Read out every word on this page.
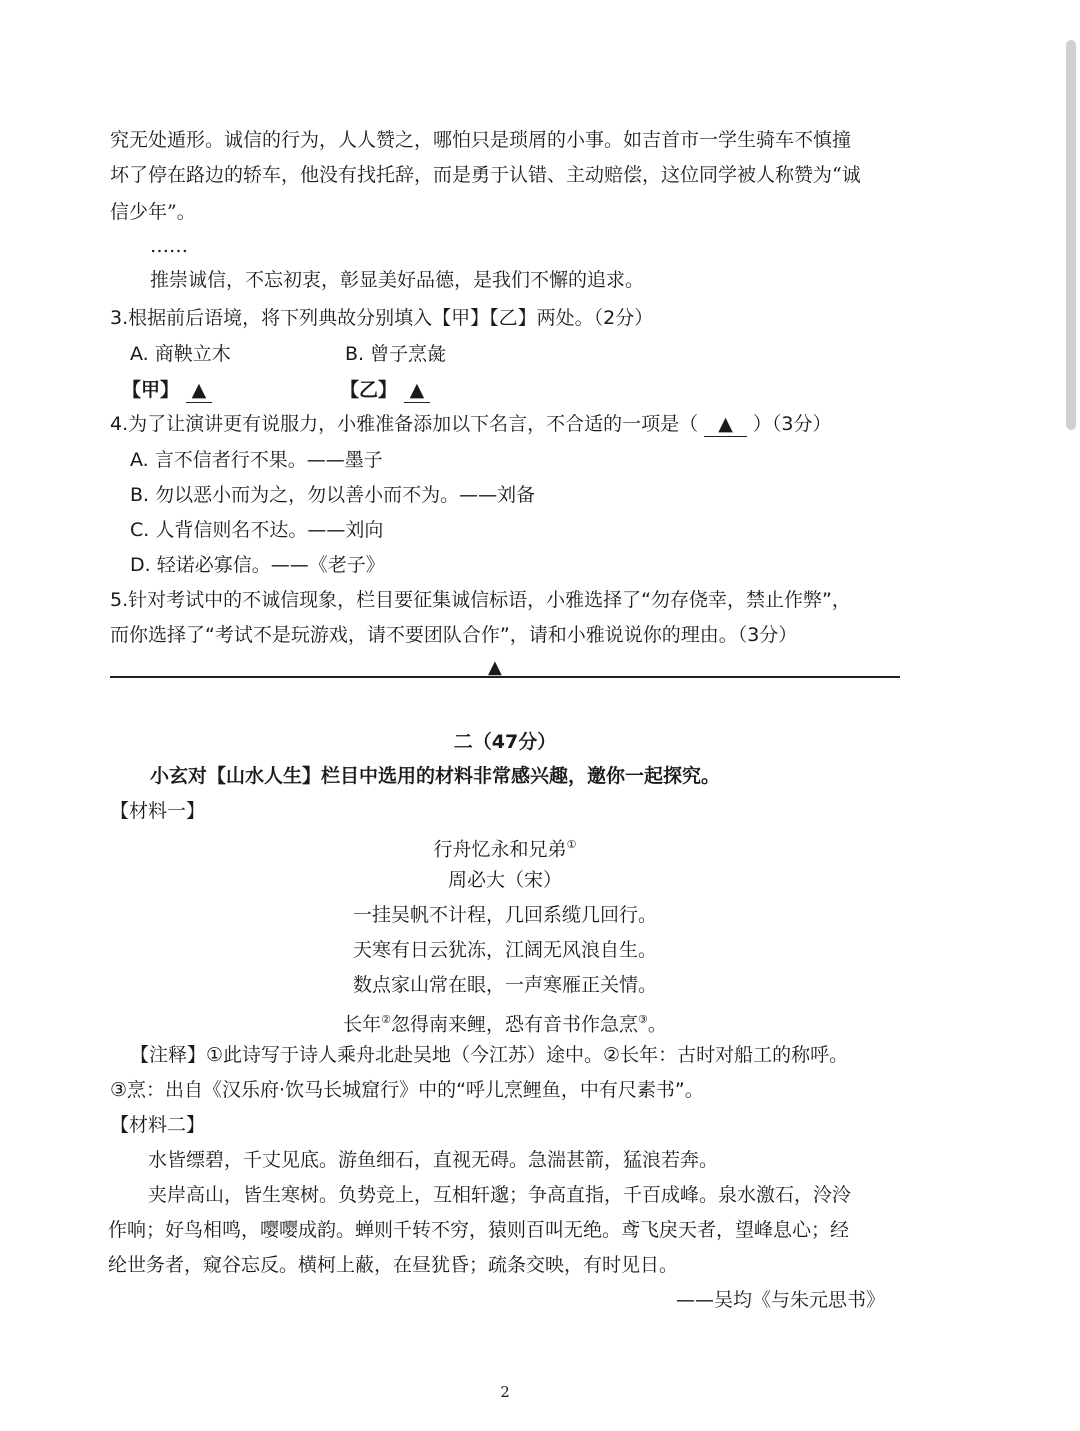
究无处遁形。诚信的行为，人人赞之，哪怕只是琐屑的小事。如吉首市一学生骑车不慎撞
坏了停在路边的轿车，他没有找托辞，而是勇于认错、主动赔偿，这位同学被人称赞为“诚
信少年”。
……
推崇诚信，不忘初衷，彰显美好品德，是我们不懈的追求。
3.根据前后语境，将下列典故分别填入【甲】【乙】两处。（2分）
A. 商鞅立木	B. 曾子烹彘
【甲】 ▲	【乙】 ▲
4.为了让演讲更有说服力，小雅准备添加以下名言，不合适的一项是（ ▲ ）（3分）
A. 言不信者行不果。——墨子
B. 勿以恶小而为之，勿以善小而不为。——刘备
C. 人背信则名不达。——刘向
D. 轻诺必寡信。——《老子》
5.针对考试中的不诚信现象，栏目要征集诚信标语，小雅选择了“勿存侥幸，禁止作弊”，
而你选择了“考试不是玩游戏，请不要团队合作”，请和小雅说说你的理由。（3分）
▲
二（47分）
小玄对【山水人生】栏目中选用的材料非常感兴趣，邀你一起探究。
【材料一】
行舟忆永和兄弟①
周必大（宋）
一挂吴帆不计程，几回系缆几回行。
天寒有日云犹冻，江阔无风浪自生。
数点家山常在眼，一声寒雁正关情。
长年②忽得南来鲤，恐有音书作急烹③。
【注释】①此诗写于诗人乘舟北赴吴地（今江苏）途中。②长年：古时对船工的称呼。
③烹：出自《汉乐府·饮马长城窟行》中的“呼儿烹鲤鱼，中有尺素书”。
【材料二】
水皆缥碧，千丈见底。游鱼细石，直视无碍。急湍甚箭，猛浪若奔。
夹岸高山，皆生寒树。负势竞上，互相轩邈；争高直指，千百成峰。泉水激石，泠泠
作响；好鸟相鸣，嘤嘤成韵。蝉则千转不穷，猿则百叫无绝。鸢飞戾天者，望峰息心；经
纶世务者，窥谷忘反。横柯上蔽，在昼犹昏；疏条交映，有时见日。
——吴均《与朱元思书》
2
